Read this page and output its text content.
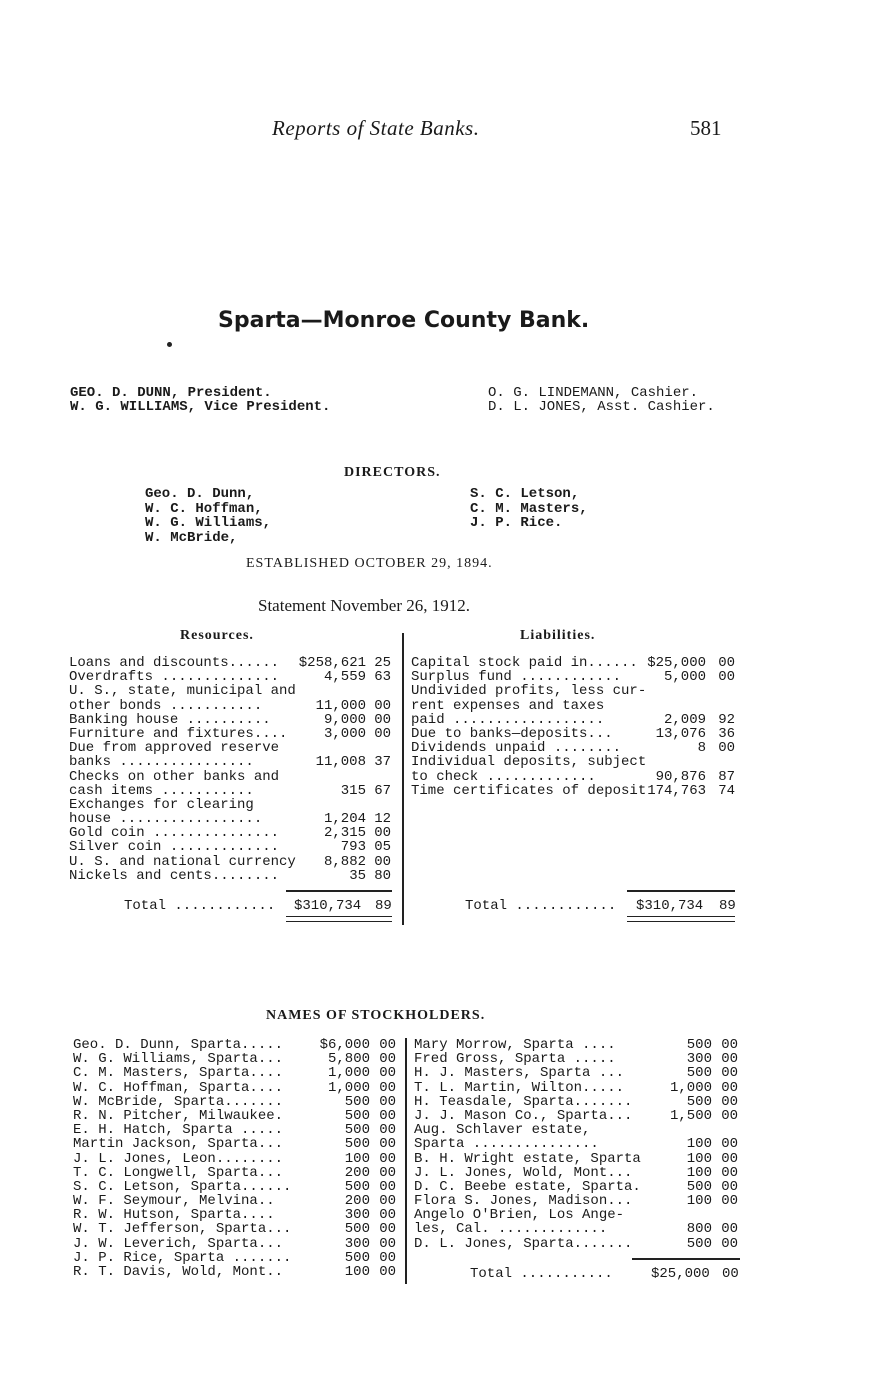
Reports of State Banks.	581
Sparta—Monroe County Bank.
GEO. D. DUNN, President.
W. G. WILLIAMS, Vice President.
O. G. LINDEMANN, Cashier.
D. L. JONES, Asst. Cashier.
DIRECTORS.
Geo. D. Dunn,
W. C. Hoffman,
W. G. Williams,
W. McBride,
S. C. Letson,
C. M. Masters,
J. P. Rice.
ESTABLISHED OCTOBER 29, 1894.
Statement November 26, 1912.
Resources.	Liabilities.
Loans and discounts...... $258,621 25
Overdrafts ..............	4,559 63
U. S., state, municipal and
other bonds ...........	11,000 00
Banking house ..........	9,000 00
Furniture and fixtures....	3,000 00
Due from approved reserve
banks ................	11,008 37
Checks on other banks and
cash items ...........	315 67
Exchanges for clearing
house .................	1,204 12
Gold coin ...............	2,315 00
Silver coin .............	793 05
U. S. and national currency 8,882 00
Nickels and cents........	35 80
Capital stock paid in...... $25,000 00
Surplus fund ............	5,000 00
Undivided profits, less cur-
rent expenses and taxes
paid ..................	2,009 92
Due to banks—deposits...	13,076 36
Dividends unpaid ........	8 00
Individual deposits, subject
to check .............	90,876 87
Time certificates of deposit 174,763 74
Total ............ $310,734 89	Total ............ $310,734 89
NAMES OF STOCKHOLDERS.
Geo. D. Dunn, Sparta.....	$6,000 00
W. G. Williams, Sparta...	5,800 00
C. M. Masters, Sparta....	1,000 00
W. C. Hoffman, Sparta....	1,000 00
W. McBride, Sparta.......	500 00
R. N. Pitcher, Milwaukee.	500 00
E. H. Hatch, Sparta .....	500 00
Martin Jackson, Sparta...	500 00
J. L. Jones, Leon........	100 00
T. C. Longwell, Sparta...	200 00
S. C. Letson, Sparta......	500 00
W. F. Seymour, Melvina..	200 00
R. W. Hutson, Sparta....	300 00
W. T. Jefferson, Sparta...	500 00
J. W. Leverich, Sparta...	300 00
J. P. Rice, Sparta .......	500 00
R. T. Davis, Wold, Mont..	100 00
Mary Morrow, Sparta ....	500 00
Fred Gross, Sparta .....	300 00
H. J. Masters, Sparta ...	500 00
T. L. Martin, Wilton.....	1,000 00
H. Teasdale, Sparta.......	500 00
J. J. Mason Co., Sparta...	1,500 00
Aug. Schlaver estate,
Sparta ...............	100 00
B. H. Wright estate, Sparta	100 00
J. L. Jones, Wold, Mont...	100 00
D. C. Beebe estate, Sparta.	500 00
Flora S. Jones, Madison...	100 00
Angelo O'Brien, Los Ange-
les, Cal. .............	800 00
D. L. Jones, Sparta.......	500 00
Total ...........	$25,000 00
